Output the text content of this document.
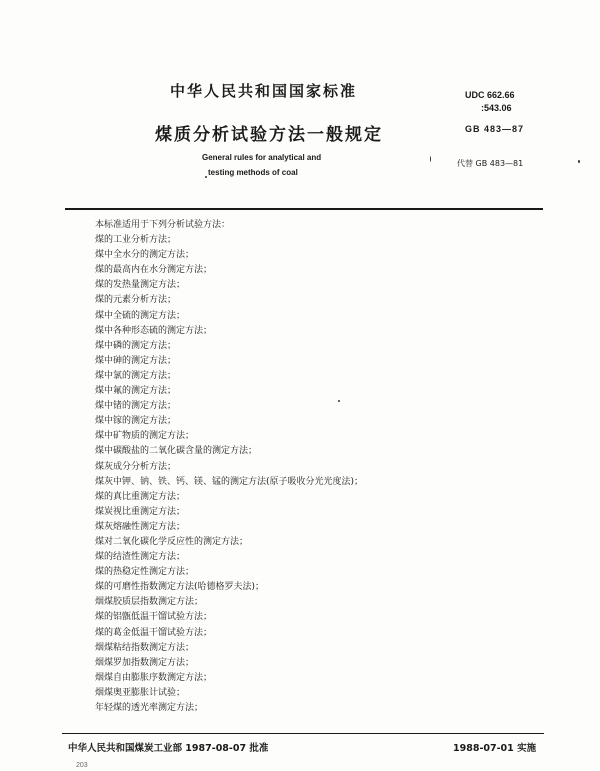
中华人民共和国国家标准
煤质分析试验方法一般规定
General rules for analytical and
testing methods of coal
UDC 662.66
:543.06
GB 483—87
代替 GB 483—81
本标准适用于下列分析试验方法：
煤的工业分析方法；
煤中全水分的测定方法；
煤的最高内在水分测定方法；
煤的发热量测定方法；
煤的元素分析方法；
煤中全硫的测定方法；
煤中各种形态硫的测定方法；
煤中磷的测定方法；
煤中砷的测定方法；
煤中氯的测定方法；
煤中氟的测定方法；
煤中锗的测定方法；
煤中镓的测定方法；
煤中矿物质的测定方法；
煤中碳酸盐的二氧化碳含量的测定方法；
煤灰成分分析方法；
煤灰中钾、钠、铁、钙、镁、锰的测定方法(原子吸收分光光度法)；
煤的真比重测定方法；
煤炭视比重测定方法；
煤灰熔融性测定方法；
煤对二氧化碳化学反应性的测定方法；
煤的结渣性测定方法；
煤的热稳定性测定方法；
煤的可磨性指数测定方法(哈德格罗夫法)；
烟煤胶质层指数测定方法；
煤的铝甑低温干馏试验方法；
煤的葛金低温干馏试验方法；
烟煤粘结指数测定方法；
烟煤罗加指数测定方法；
烟煤自由膨胀序数测定方法；
烟煤奥亚膨胀计试验；
年轻煤的透光率测定方法；
中华人民共和国煤炭工业部 1987-08-07 批准	1988-07-01 实施
203
